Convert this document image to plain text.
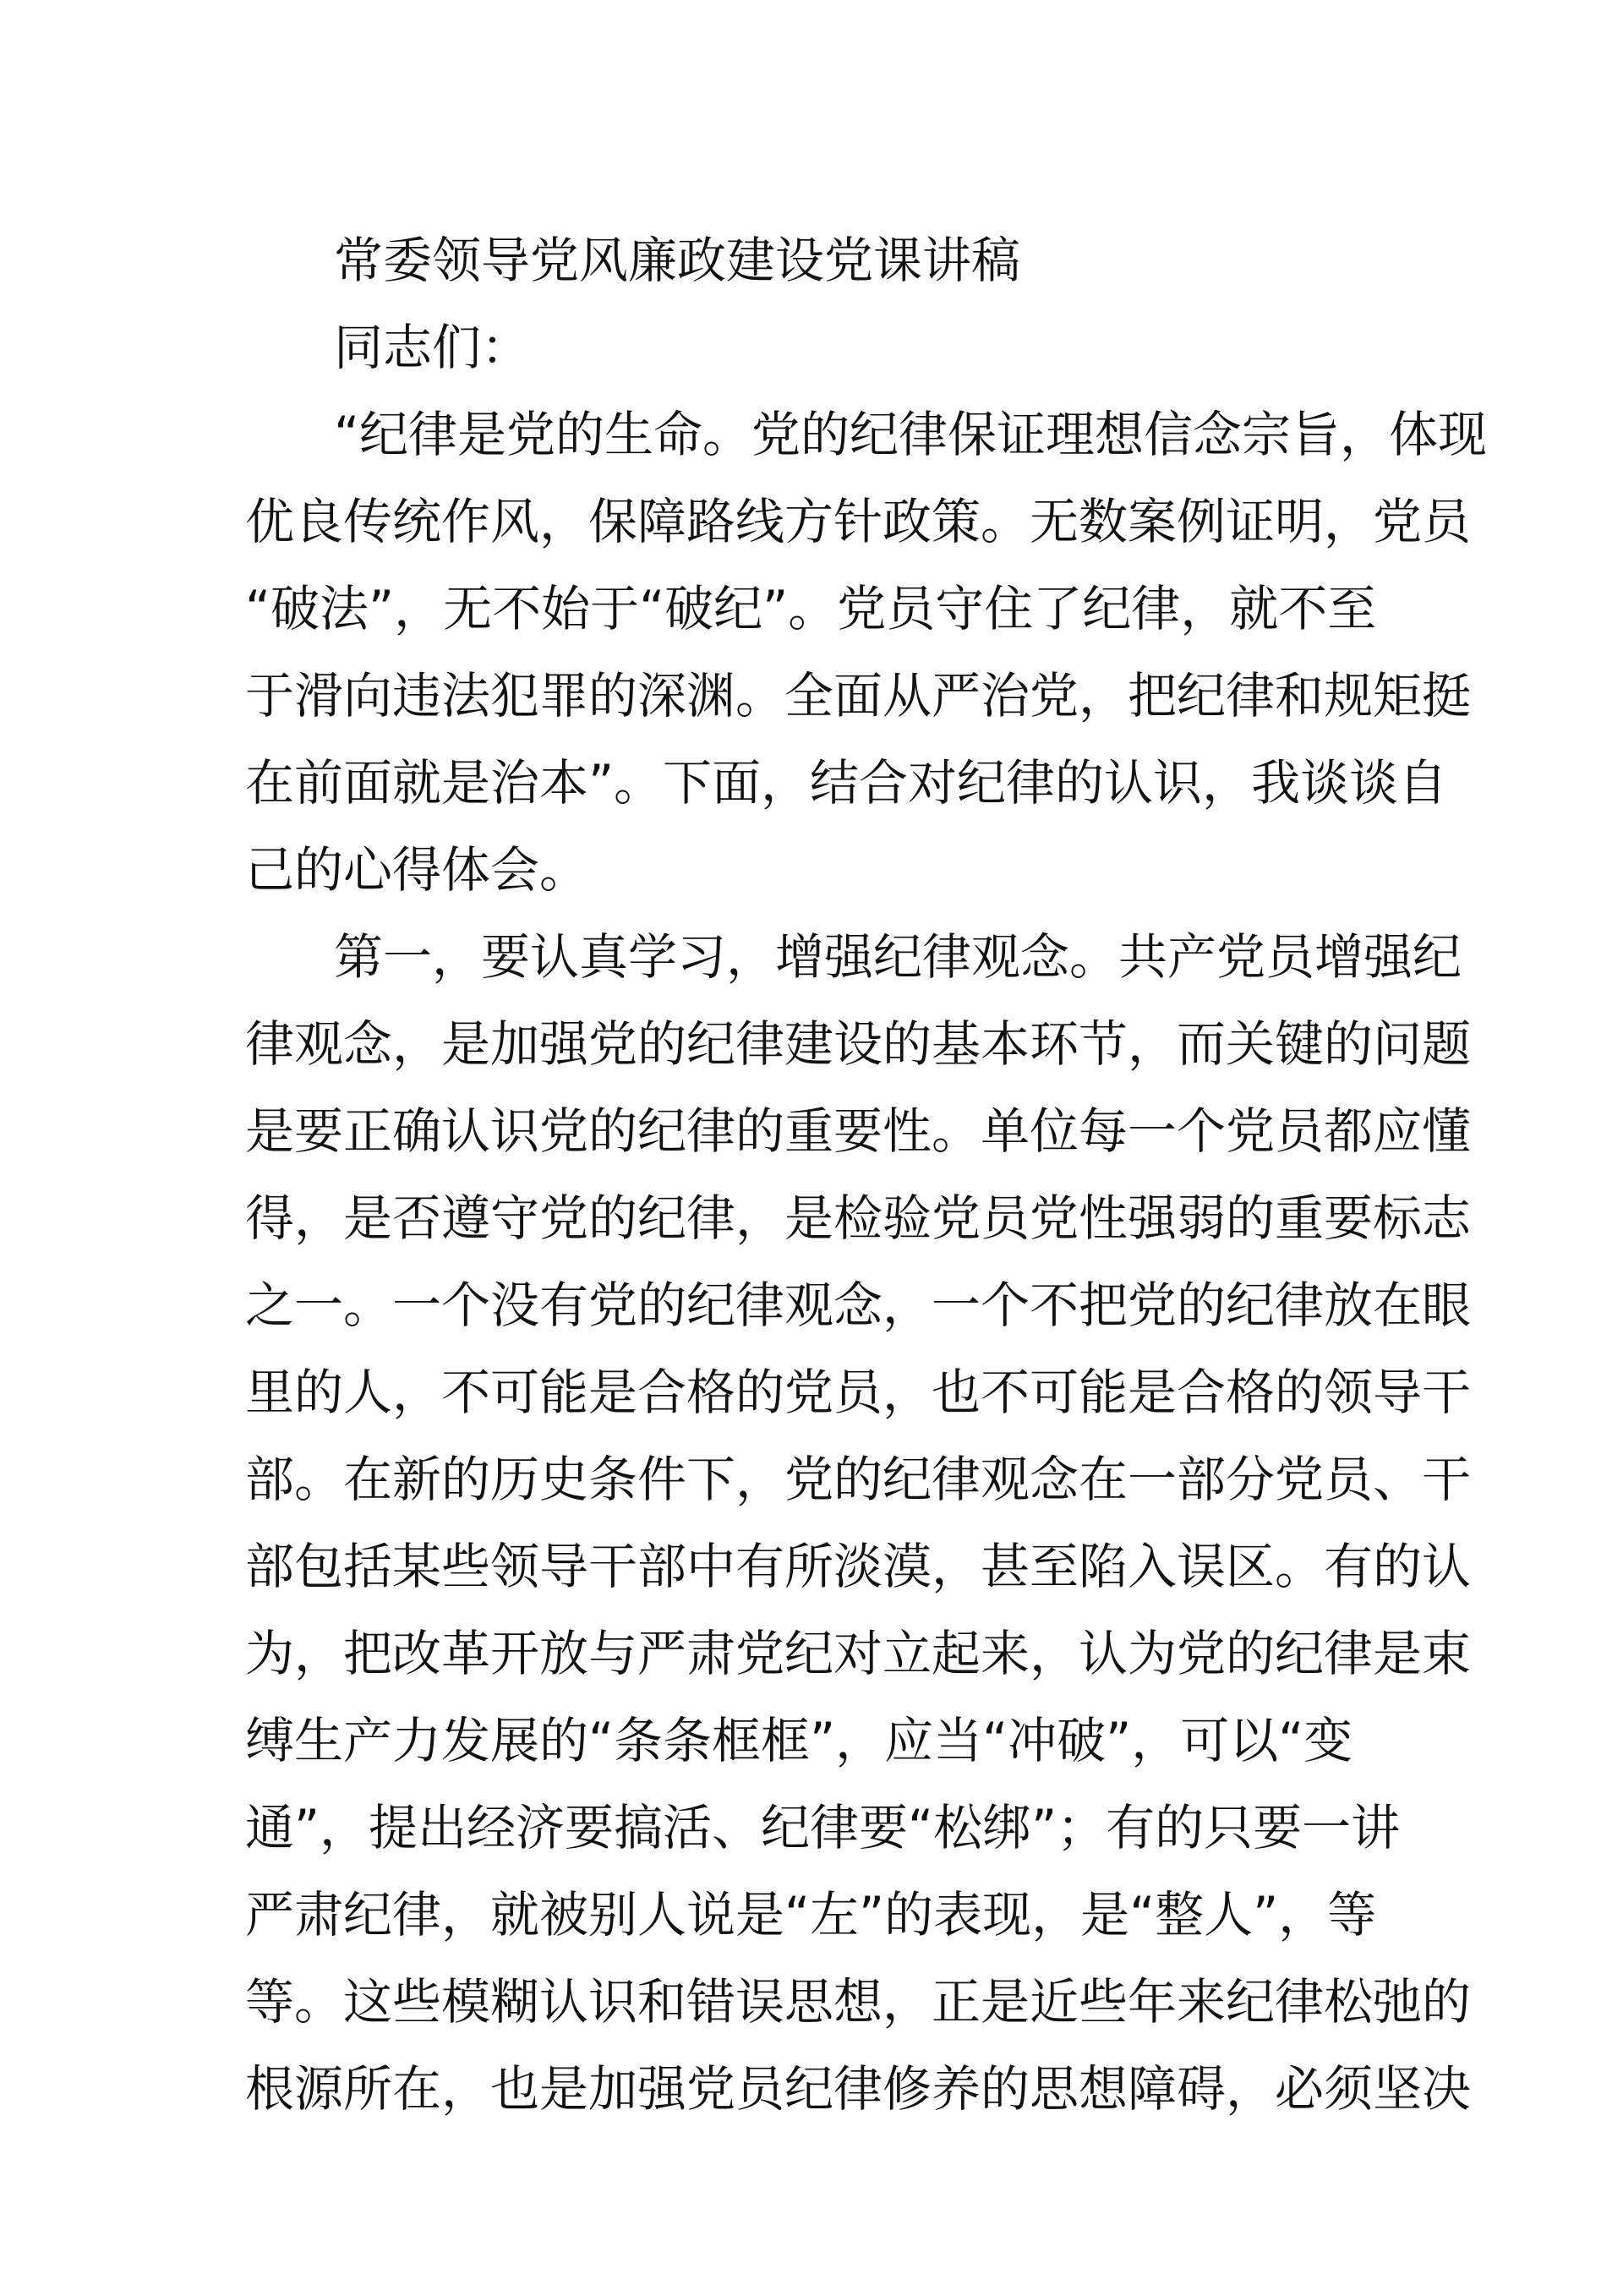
常委领导党风廉政建设党课讲稿

同志们：

“纪律是党的生命。党的纪律保证理想信念宗旨，体现

优良传统作风，保障路线方针政策。无数案例证明，党员

“破法”，无不始于“破纪”。党员守住了纪律，就不至

于滑向违法犯罪的深渊。全面从严治党，把纪律和规矩挺

在前面就是治本”。下面，结合对纪律的认识，我谈谈自

己的心得体会。

第一，要认真学习，增强纪律观念。共产党员增强纪

律观念，是加强党的纪律建设的基本环节，而关键的问题

是要正确认识党的纪律的重要性。单位每一个党员都应懂

得，是否遵守党的纪律，是检验党员党性强弱的重要标志

之一。一个没有党的纪律观念，一个不把党的纪律放在眼

里的人，不可能是合格的党员，也不可能是合格的领导干

部。在新的历史条件下，党的纪律观念在一部分党员、干

部包括某些领导干部中有所淡漠，甚至陷入误区。有的认

为，把改革开放与严肃党纪对立起来，认为党的纪律是束

缚生产力发展的“条条框框”，应当“冲破”，可以“变

通”，提出经济要搞活、纪律要“松绑”；有的只要一讲

严肃纪律，就被别人说是“左”的表现，是“整人”，等

等。这些模糊认识和错误思想，正是近些年来纪律松弛的

根源所在，也是加强党员纪律修养的思想障碍，必须坚决
